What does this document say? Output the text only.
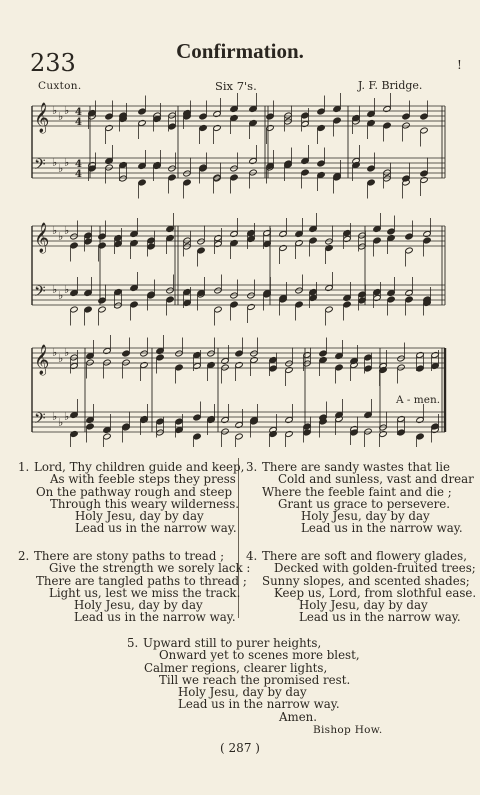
233	Confirmation.
!
Cuxton.	Six 7's.	J. F. Bridge.
𝄞 ♭ ♭ ♭ 4
4
𝄢 ♭ ♭ ♭ 4
4
𝄞 ♭ ♭ ♭
𝄢 ♭ ♭ ♭
𝄞 ♭ ♭ ♭
𝄢 ♭ ♭ ♭
A - men.
1. Lord, Thy children guide and keep,
As with feeble steps they press
On the pathway rough and steep
Through this weary wilderness.
Holy Jesu, day by day
Lead us in the narrow way.
2. There are stony paths to tread ;
Give the strength we sorely lack :
There are tangled paths to thread ;
Light us, lest we miss the track.
Holy Jesu, day by day
Lead us in the narrow way.
3. There are sandy wastes that lie
Cold and sunless, vast and drear
Where the feeble faint and die ;
Grant us grace to persevere.
Holy Jesu, day by day
Lead us in the narrow way.
4. There are soft and flowery glades,
Decked with golden-fruited trees;
Sunny slopes, and scented shades;
Keep us, Lord, from slothful ease.
Holy Jesu, day by day
Lead us in the narrow way.
5. Upward still to purer heights,
Onward yet to scenes more blest,
Calmer regions, clearer lights,
Till we reach the promised rest.
Holy Jesu, day by day
Lead us in the narrow way.
Amen.
Bishop How.
( 287 )
